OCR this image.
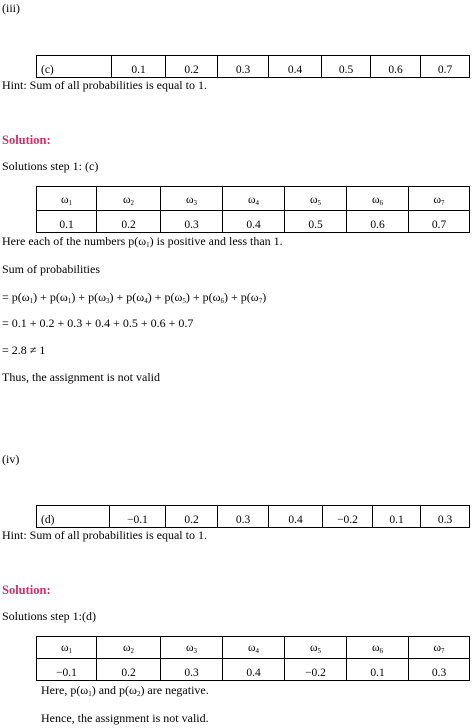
(iii)
(c)	0.1	0.2	0.3	0.4	0.5	0.6	0.7
Hint: Sum of all probabilities is equal to 1.
Solution:
Solutions step 1: (c)
$\omega_1$	$\omega_2$	$\omega_3$	$\omega_4$	$\omega_5$	$\omega_6$	$\omega_7$
0.1	0.2	0.3	0.4	0.5	0.6	0.7
Here each of the numbers $p(\omega_1)$ is positive and less than 1.
Sum of probabilities
= $p(\omega_1) + p(\omega_1) + p(\omega_3) + p(\omega_4) + p(\omega_5) + p(\omega_6) + p(\omega_7)$
= 0.1 + 0.2 + 0.3 + 0.4 + 0.5 + 0.6 + 0.7
= 2.8 ≠ 1
Thus, the assignment is not valid
(iv)
(d)	−0.1	0.2	0.3	0.4	−0.2	0.1	0.3
Hint: Sum of all probabilities is equal to 1.
Solution:
Solutions step 1:(d)
$\omega_1$	$\omega_2$	$\omega_3$	$\omega_4$	$\omega_5$	$\omega_6$	$\omega_7$
−0.1	0.2	0.3	0.4	−0.2	0.1	0.3
Here, $p(\omega_1)$ and $p(\omega_2)$ are negative.
Hence, the assignment is not valid.
